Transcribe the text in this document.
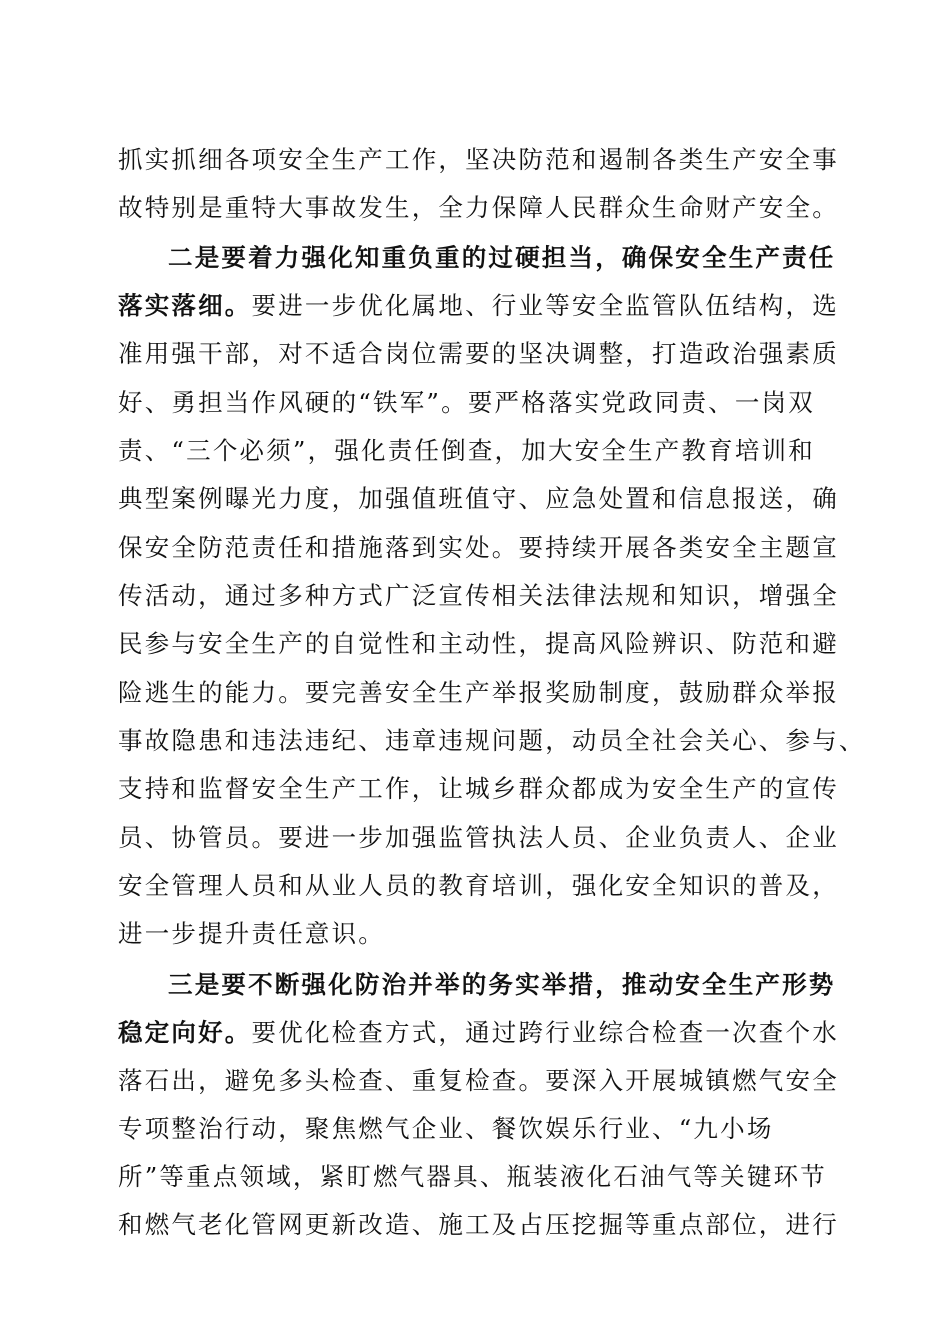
抓实抓细各项安全生产工作，坚决防范和遏制各类生产安全事

故特别是重特大事故发生，全力保障人民群众生命财产安全。

二是要着力强化知重负重的过硬担当，确保安全生产责任

落实落细。要进一步优化属地、行业等安全监管队伍结构，选

准用强干部，对不适合岗位需要的坚决调整，打造政治强素质

好、勇担当作风硬的“铁军”。要严格落实党政同责、一岗双

责、“三个必须”，强化责任倒查，加大安全生产教育培训和

典型案例曝光力度，加强值班值守、应急处置和信息报送，确

保安全防范责任和措施落到实处。要持续开展各类安全主题宣

传活动，通过多种方式广泛宣传相关法律法规和知识，增强全

民参与安全生产的自觉性和主动性，提高风险辨识、防范和避

险逃生的能力。要完善安全生产举报奖励制度，鼓励群众举报

事故隐患和违法违纪、违章违规问题，动员全社会关心、参与、

支持和监督安全生产工作，让城乡群众都成为安全生产的宣传

员、协管员。要进一步加强监管执法人员、企业负责人、企业

安全管理人员和从业人员的教育培训，强化安全知识的普及，

进一步提升责任意识。

三是要不断强化防治并举的务实举措，推动安全生产形势

稳定向好。要优化检查方式，通过跨行业综合检查一次查个水

落石出，避免多头检查、重复检查。要深入开展城镇燃气安全

专项整治行动，聚焦燃气企业、餐饮娱乐行业、“九小场

所”等重点领域，紧盯燃气器具、瓶装液化石油气等关键环节

和燃气老化管网更新改造、施工及占压挖掘等重点部位，进行
